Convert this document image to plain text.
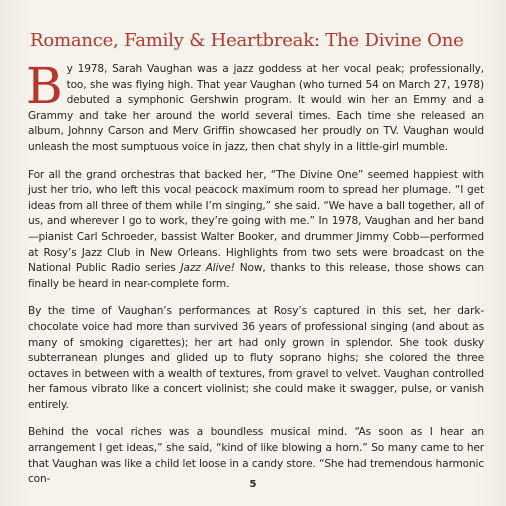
Romance, Family & Heartbreak: The Divine One

By 1978, Sarah Vaughan was a jazz goddess at her vocal peak; professionally, too, she was flying high. That year Vaughan (who turned 54 on March 27, 1978) debuted a symphonic Gershwin program. It would win her an Emmy and a Grammy and take her around the world several times. Each time she released an album, Johnny Carson and Merv Griffin showcased her proudly on TV. Vaughan would unleash the most sumptuous voice in jazz, then chat shyly in a little-girl mumble.

For all the grand orchestras that backed her, “The Divine One” seemed happiest with just her trio, who left this vocal peacock maximum room to spread her plumage. “I get ideas from all three of them while I’m singing,” she said. “We have a ball together, all of us, and wherever I go to work, they’re going with me.” In 1978, Vaughan and her band—pianist Carl Schroeder, bassist Walter Booker, and drummer Jimmy Cobb—performed at Rosy’s Jazz Club in New Orleans. Highlights from two sets were broadcast on the National Public Radio series Jazz Alive! Now, thanks to this release, those shows can finally be heard in near-complete form.

By the time of Vaughan’s performances at Rosy’s captured in this set, her dark-chocolate voice had more than survived 36 years of professional singing (and about as many of smoking cigarettes); her art had only grown in splendor. She took dusky subterranean plunges and glided up to fluty soprano highs; she colored the three octaves in between with a wealth of textures, from gravel to velvet. Vaughan controlled her famous vibrato like a concert violinist; she could make it swagger, pulse, or vanish entirely.

Behind the vocal riches was a boundless musical mind. “As soon as I hear an arrangement I get ideas,” she said, “kind of like blowing a horn.” So many came to her that Vaughan was like a child let loose in a candy store. “She had tremendous harmonic con-	5
